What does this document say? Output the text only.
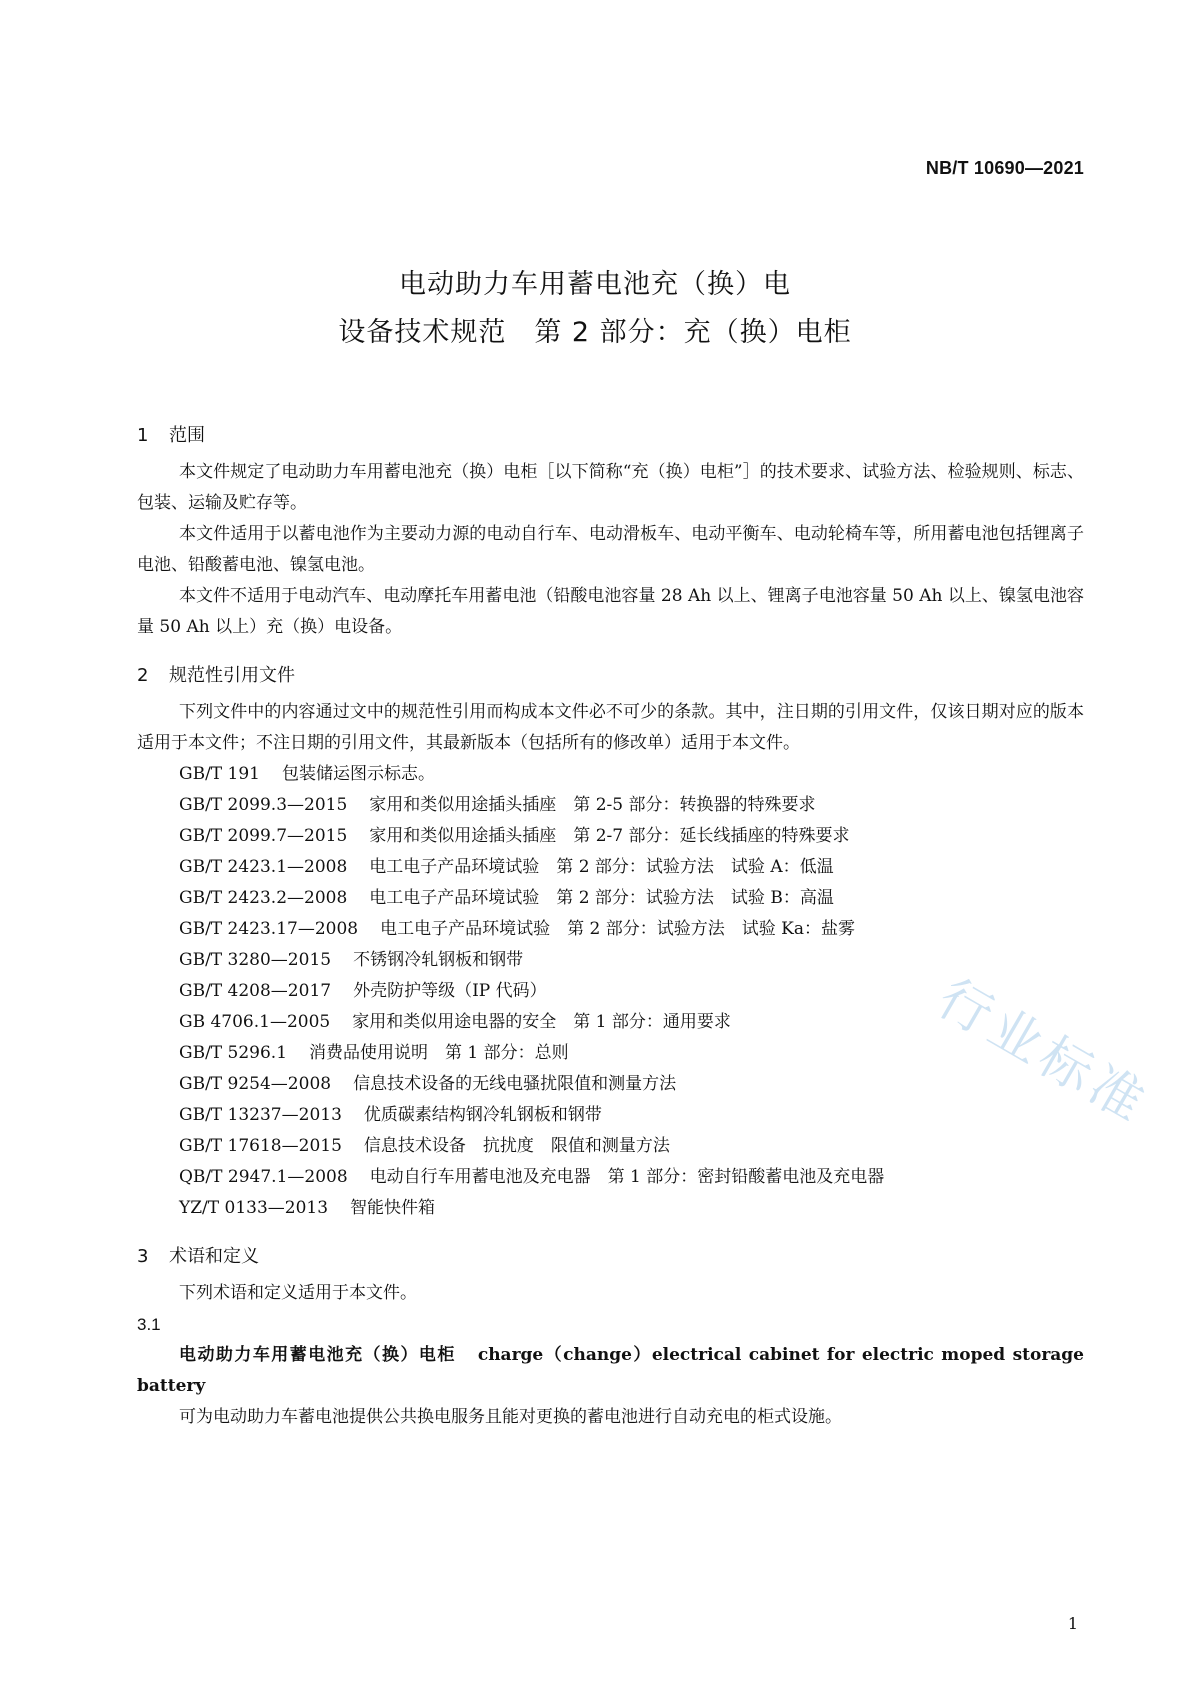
NB/T 10690—2021
电动助力车用蓄电池充（换）电
设备技术规范　第 2 部分：充（换）电柜
1 范围

本文件规定了电动助力车用蓄电池充（换）电柜［以下简称“充（换）电柜”］的技术要求、试验方法、检验规则、标志、包装、运输及贮存等。

本文件适用于以蓄电池作为主要动力源的电动自行车、电动滑板车、电动平衡车、电动轮椅车等，所用蓄电池包括锂离子电池、铅酸蓄电池、镍氢电池。

本文件不适用于电动汽车、电动摩托车用蓄电池（铅酸电池容量 28 Ah 以上、锂离子电池容量 50 Ah 以上、镍氢电池容量 50 Ah 以上）充（换）电设备。

2 规范性引用文件

下列文件中的内容通过文中的规范性引用而构成本文件必不可少的条款。其中，注日期的引用文件，仅该日期对应的版本适用于本文件；不注日期的引用文件，其最新版本（包括所有的修改单）适用于本文件。

GB/T 191 包装储运图示标志。
GB/T 2099.3—2015 家用和类似用途插头插座　第 2-5 部分：转换器的特殊要求
GB/T 2099.7—2015 家用和类似用途插头插座　第 2-7 部分：延长线插座的特殊要求
GB/T 2423.1—2008 电工电子产品环境试验　第 2 部分：试验方法　试验 A：低温
GB/T 2423.2—2008 电工电子产品环境试验　第 2 部分：试验方法　试验 B：高温
GB/T 2423.17—2008 电工电子产品环境试验　第 2 部分：试验方法　试验 Ka：盐雾
GB/T 3280—2015 不锈钢冷轧钢板和钢带
GB/T 4208—2017 外壳防护等级（IP 代码）
GB 4706.1—2005 家用和类似用途电器的安全　第 1 部分：通用要求
GB/T 5296.1 消费品使用说明　第 1 部分：总则
GB/T 9254—2008 信息技术设备的无线电骚扰限值和测量方法
GB/T 13237—2013 优质碳素结构钢冷轧钢板和钢带
GB/T 17618—2015 信息技术设备　抗扰度　限值和测量方法
QB/T 2947.1—2008 电动自行车用蓄电池及充电器　第 1 部分：密封铅酸蓄电池及充电器
YZ/T 0133—2013 智能快件箱
3 术语和定义

下列术语和定义适用于本文件。

3.1

电动助力车用蓄电池充（换）电柜 charge（change）electrical cabinet for electric moped storage battery

可为电动助力车蓄电池提供公共换电服务且能对更换的蓄电池进行自动充电的柜式设施。

行业标准
1
